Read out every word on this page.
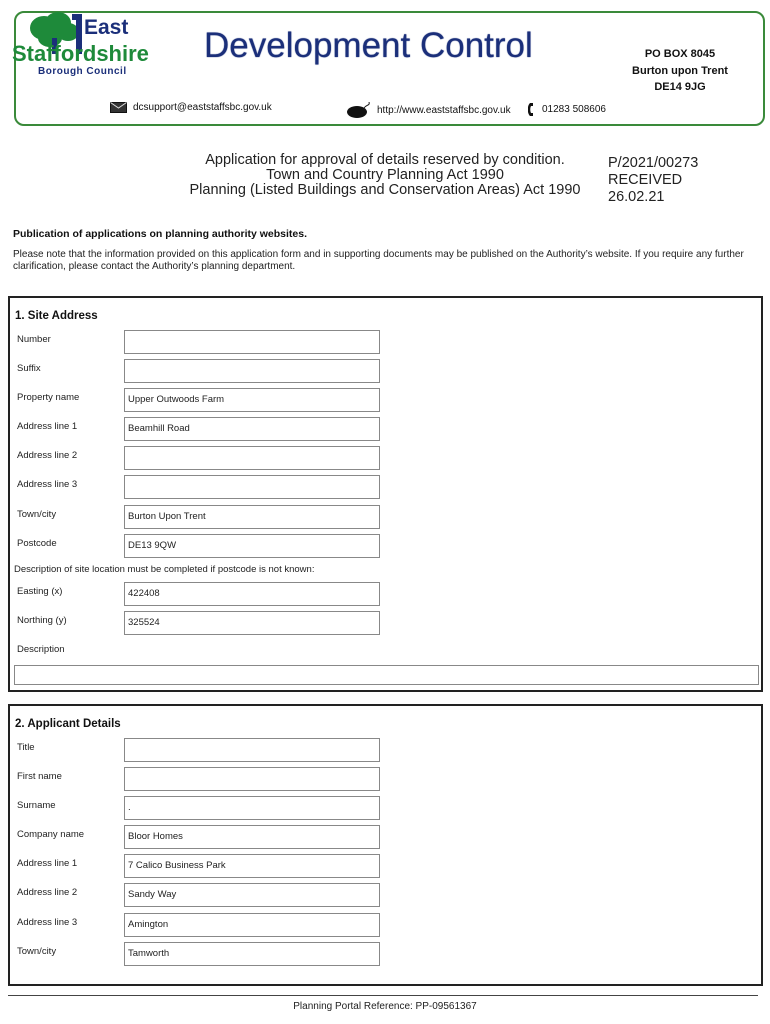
East
Staffordshire
Borough Council
Development Control	PO BOX 8045
Burton upon Trent
DE14 9JG
dcsupport@eaststaffsbc.gov.uk	http://www.eaststaffsbc.gov.uk	01283 508606
Application for approval of details reserved by condition.
Town and Country Planning Act 1990
Planning (Listed Buildings and Conservation Areas) Act 1990
P/2021/00273
RECEIVED
26.02.21
Publication of applications on planning authority websites.
Please note that the information provided on this application form and in supporting documents may be published on the Authority’s website. If you require any further clarification, please contact the Authority’s planning department.
1. Site Address
Number
Suffix
Property name	Upper Outwoods Farm
Address line 1	Beamhill Road
Address line 2
Address line 3
Town/city	Burton Upon Trent
Postcode	DE13 9QW
Description of site location must be completed if postcode is not known:
Easting (x)	422408
Northing (y)	325524
Description
2. Applicant Details
Title
First name
Surname	.
Company name	Bloor Homes
Address line 1	7 Calico Business Park
Address line 2	Sandy Way
Address line 3	Amington
Town/city	Tamworth
Planning Portal Reference: PP-09561367
